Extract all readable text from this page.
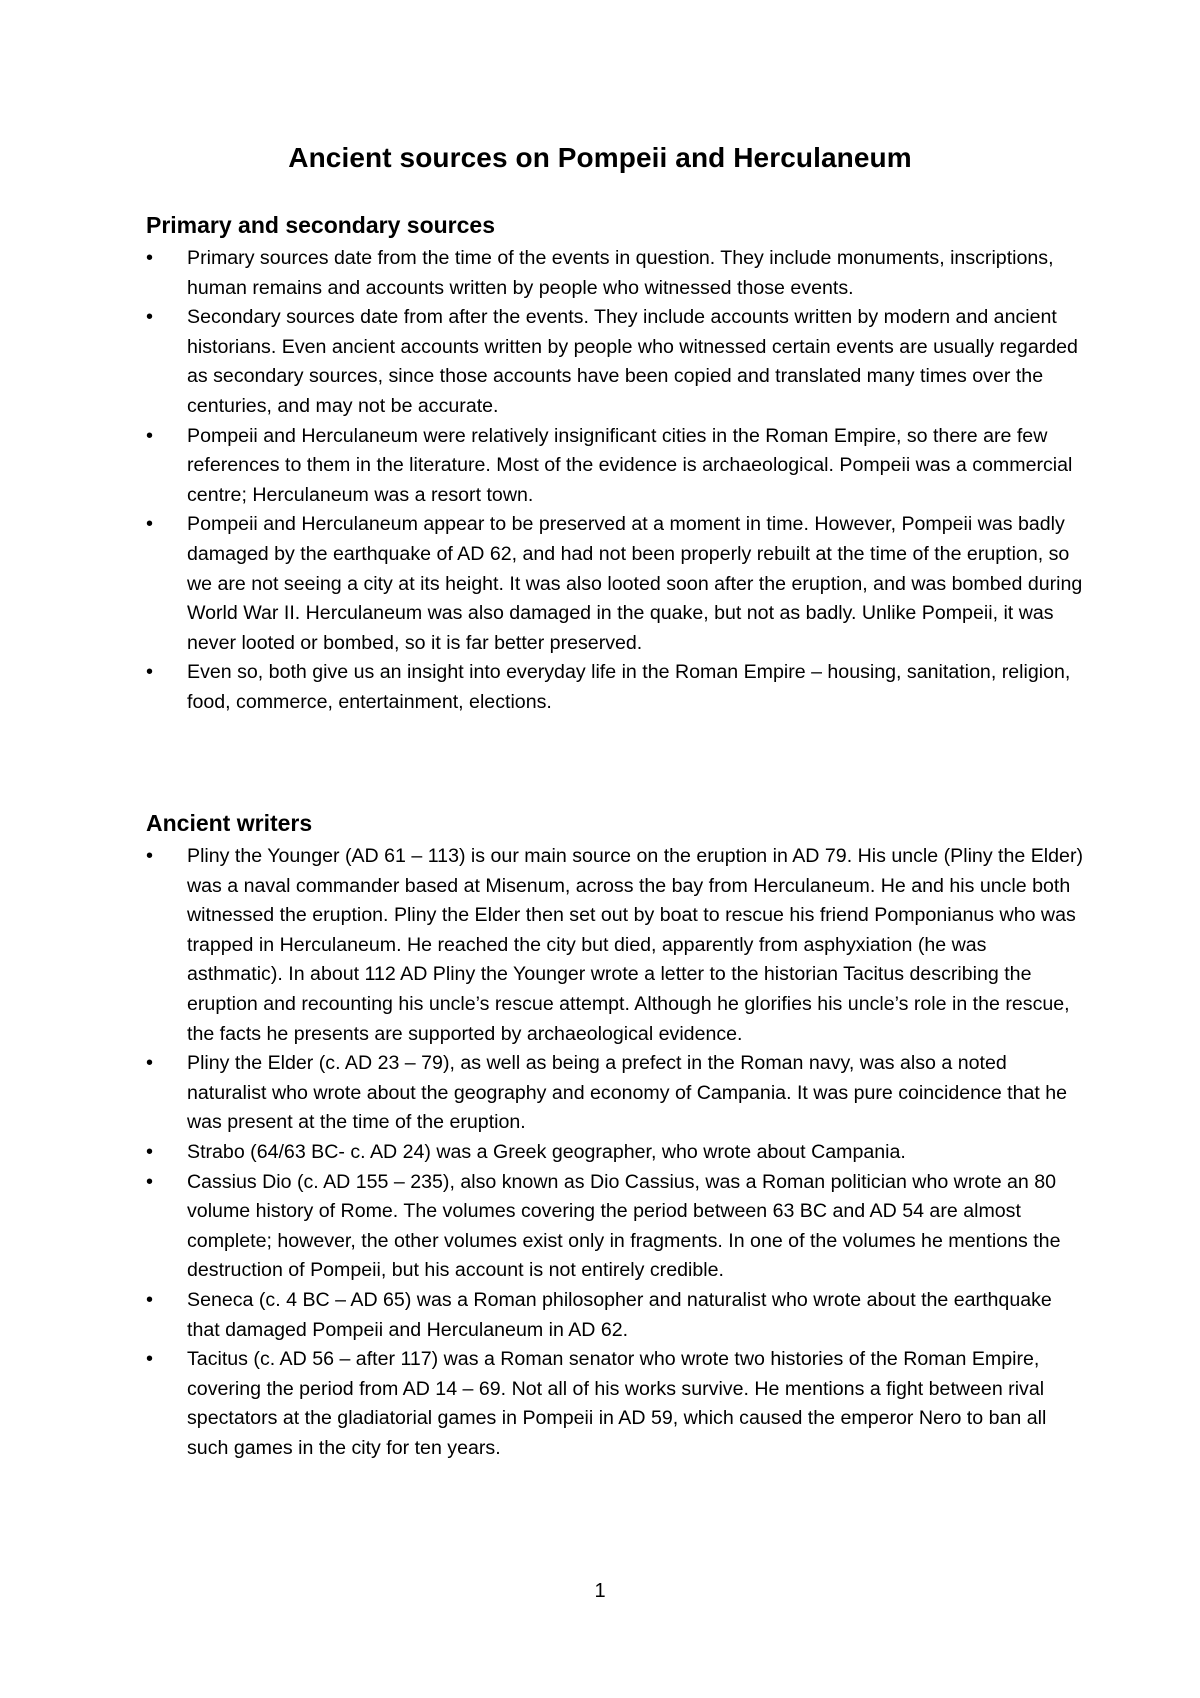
Ancient sources on Pompeii and Herculaneum
Primary and secondary sources
•	Primary sources date from the time of the events in question. They include monuments, inscriptions, human remains and accounts written by people who witnessed those events.
•	Secondary sources date from after the events. They include accounts written by modern and ancient historians. Even ancient accounts written by people who witnessed certain events are usually regarded as secondary sources, since those accounts have been copied and translated many times over the centuries, and may not be accurate.
•	Pompeii and Herculaneum were relatively insignificant cities in the Roman Empire, so there are few references to them in the literature. Most of the evidence is archaeological. Pompeii was a commercial centre; Herculaneum was a resort town.
•	Pompeii and Herculaneum appear to be preserved at a moment in time. However, Pompeii was badly damaged by the earthquake of AD 62, and had not been properly rebuilt at the time of the eruption, so we are not seeing a city at its height. It was also looted soon after the eruption, and was bombed during World War II. Herculaneum was also damaged in the quake, but not as badly. Unlike Pompeii, it was never looted or bombed, so it is far better preserved.
•	Even so, both give us an insight into everyday life in the Roman Empire – housing, sanitation, religion, food, commerce, entertainment, elections.
Ancient writers
•	Pliny the Younger (AD 61 – 113) is our main source on the eruption in AD 79. His uncle (Pliny the Elder) was a naval commander based at Misenum, across the bay from Herculaneum. He and his uncle both witnessed the eruption. Pliny the Elder then set out by boat to rescue his friend Pomponianus who was trapped in Herculaneum. He reached the city but died, apparently from asphyxiation (he was asthmatic). In about 112 AD Pliny the Younger wrote a letter to the historian Tacitus describing the eruption and recounting his uncle’s rescue attempt. Although he glorifies his uncle’s role in the rescue, the facts he presents are supported by archaeological evidence.
•	Pliny the Elder (c. AD 23 – 79), as well as being a prefect in the Roman navy, was also a noted naturalist who wrote about the geography and economy of Campania. It was pure coincidence that he was present at the time of the eruption.
•	Strabo (64/63 BC- c. AD 24) was a Greek geographer, who wrote about Campania.
•	Cassius Dio (c. AD 155 – 235), also known as Dio Cassius, was a Roman politician who wrote an 80 volume history of Rome. The volumes covering the period between 63 BC and AD 54 are almost complete; however, the other volumes exist only in fragments. In one of the volumes he mentions the destruction of Pompeii, but his account is not entirely credible.
•	Seneca (c. 4 BC – AD 65) was a Roman philosopher and naturalist who wrote about the earthquake that damaged Pompeii and Herculaneum in AD 62.
•	Tacitus (c. AD 56 – after 117) was a Roman senator who wrote two histories of the Roman Empire, covering the period from AD 14 – 69. Not all of his works survive. He mentions a fight between rival spectators at the gladiatorial games in Pompeii in AD 59, which caused the emperor Nero to ban all such games in the city for ten years.
1
